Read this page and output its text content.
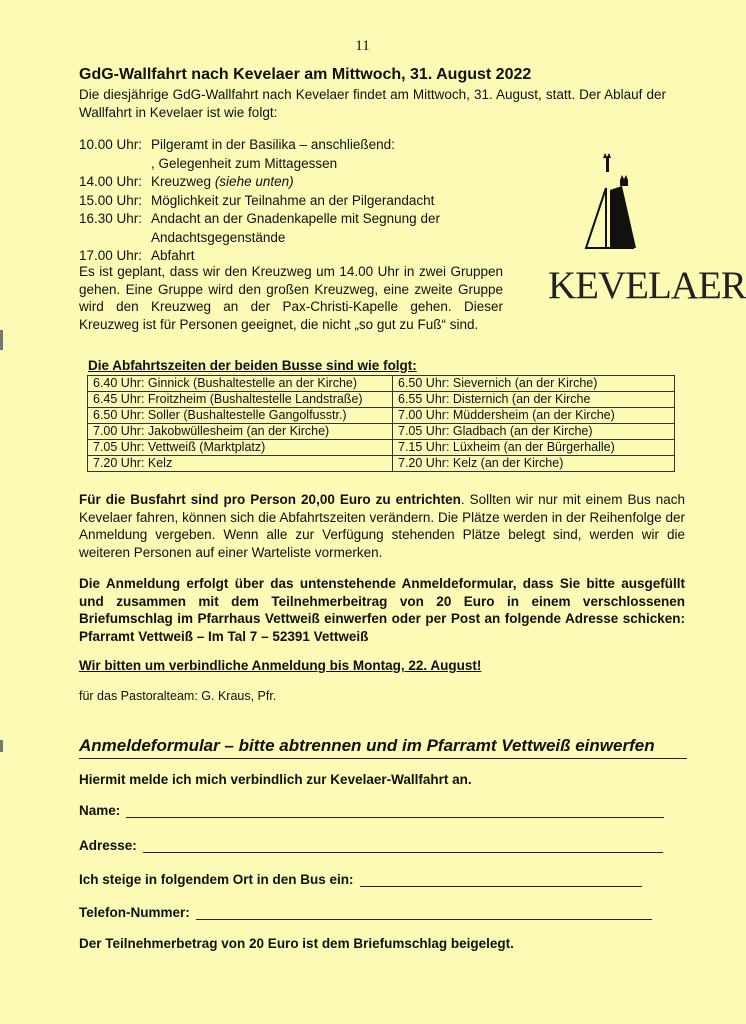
11
GdG-Wallfahrt nach Kevelaer am Mittwoch, 31. August 2022
Die diesjährige GdG-Wallfahrt nach Kevelaer findet am Mittwoch, 31. August, statt. Der Ablauf der Wallfahrt in Kevelaer ist wie folgt:
10.00 Uhr: Pilgeramt in der Basilika – anschließend:
, Gelegenheit zum Mittagessen
14.00 Uhr: Kreuzweg
(siehe unten)
15.00 Uhr: Möglichkeit zur Teilnahme an der Pilgerandacht
16.30 Uhr: Andacht an der Gnadenkapelle mit Segnung der
Andachtsgegenstände
17.00 Uhr: Abfahrt
KEVELAER
Es ist geplant, dass wir den Kreuzweg um 14.00 Uhr in zwei Gruppen gehen. Eine Gruppe wird den großen Kreuzweg, eine zweite Gruppe wird den Kreuzweg an der Pax-Christi-Kapelle gehen. Dieser Kreuzweg ist für Personen geeignet, die nicht „so gut zu Fuß“ sind.
Die Abfahrtszeiten der beiden Busse sind wie folgt:
6.40 Uhr: Ginnick (Bushaltestelle an der Kirche)	6.50 Uhr: Sievernich (an der Kirche)
6.45 Uhr: Froitzheim (Bushaltestelle Landstraße)	6.55 Uhr: Disternich (an der Kirche
6.50 Uhr: Soller (Bushaltestelle Gangolfusstr.)	7.00 Uhr: Müddersheim (an der Kirche)
7.00 Uhr: Jakobwüllesheim (an der Kirche)	7.05 Uhr: Gladbach (an der Kirche)
7.05 Uhr: Vettweiß (Marktplatz)	7.15 Uhr: Lüxheim (an der Bürgerhalle)
7.20 Uhr: Kelz	7.20 Uhr: Kelz (an der Kirche)
Für die Busfahrt sind pro Person 20,00 Euro zu entrichten. Sollten wir nur mit einem Bus nach Kevelaer fahren, können sich die Abfahrtszeiten verändern. Die Plätze werden in der Reihenfolge der Anmeldung vergeben. Wenn alle zur Verfügung stehenden Plätze belegt sind, werden wir die weiteren Personen auf einer Warteliste vormerken.
Die Anmeldung erfolgt über das untenstehende Anmeldeformular, dass Sie bitte ausgefüllt und zusammen mit dem Teilnehmerbeitrag von 20 Euro in einem verschlossenen Briefumschlag im Pfarrhaus Vettweiß einwerfen oder per Post an folgende Adresse schicken: Pfarramt Vettweiß – Im Tal 7 – 52391 Vettweiß
Wir bitten um verbindliche Anmeldung bis Montag, 22. August!
für das Pastoralteam: G. Kraus, Pfr.
Anmeldeformular – bitte abtrennen und im Pfarramt Vettweiß einwerfen
Hiermit melde ich mich verbindlich zur Kevelaer-Wallfahrt an.
Name:
Adresse:
Ich steige in folgendem Ort in den Bus ein:
Telefon-Nummer:
Der Teilnehmerbetrag von 20 Euro ist dem Briefumschlag beigelegt.
